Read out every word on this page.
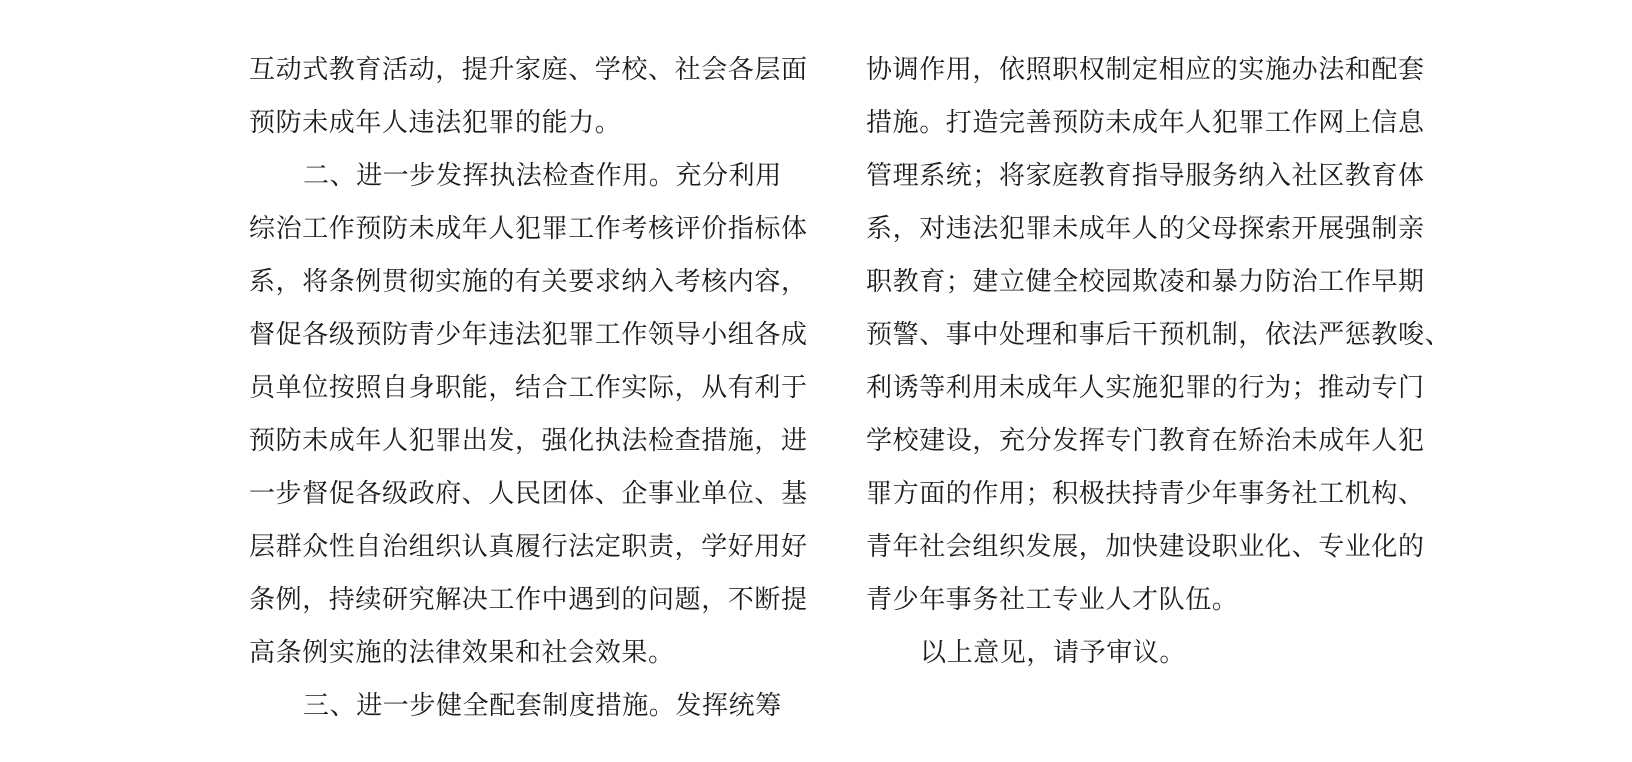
互动式教育活动，提升家庭、学校、社会各层面
预防未成年人违法犯罪的能力。
二、进一步发挥执法检查作用。充分利用
综治工作预防未成年人犯罪工作考核评价指标体
系，将条例贯彻实施的有关要求纳入考核内容，
督促各级预防青少年违法犯罪工作领导小组各成
员单位按照自身职能，结合工作实际，从有利于
预防未成年人犯罪出发，强化执法检查措施，进
一步督促各级政府、人民团体、企事业单位、基
层群众性自治组织认真履行法定职责，学好用好
条例，持续研究解决工作中遇到的问题，不断提
高条例实施的法律效果和社会效果。
三、进一步健全配套制度措施。发挥统筹
协调作用，依照职权制定相应的实施办法和配套
措施。打造完善预防未成年人犯罪工作网上信息
管理系统；将家庭教育指导服务纳入社区教育体
系，对违法犯罪未成年人的父母探索开展强制亲
职教育；建立健全校园欺凌和暴力防治工作早期
预警、事中处理和事后干预机制，依法严惩教唆、
利诱等利用未成年人实施犯罪的行为；推动专门
学校建设，充分发挥专门教育在矫治未成年人犯
罪方面的作用；积极扶持青少年事务社工机构、
青年社会组织发展，加快建设职业化、专业化的
青少年事务社工专业人才队伍。
以上意见，请予审议。
